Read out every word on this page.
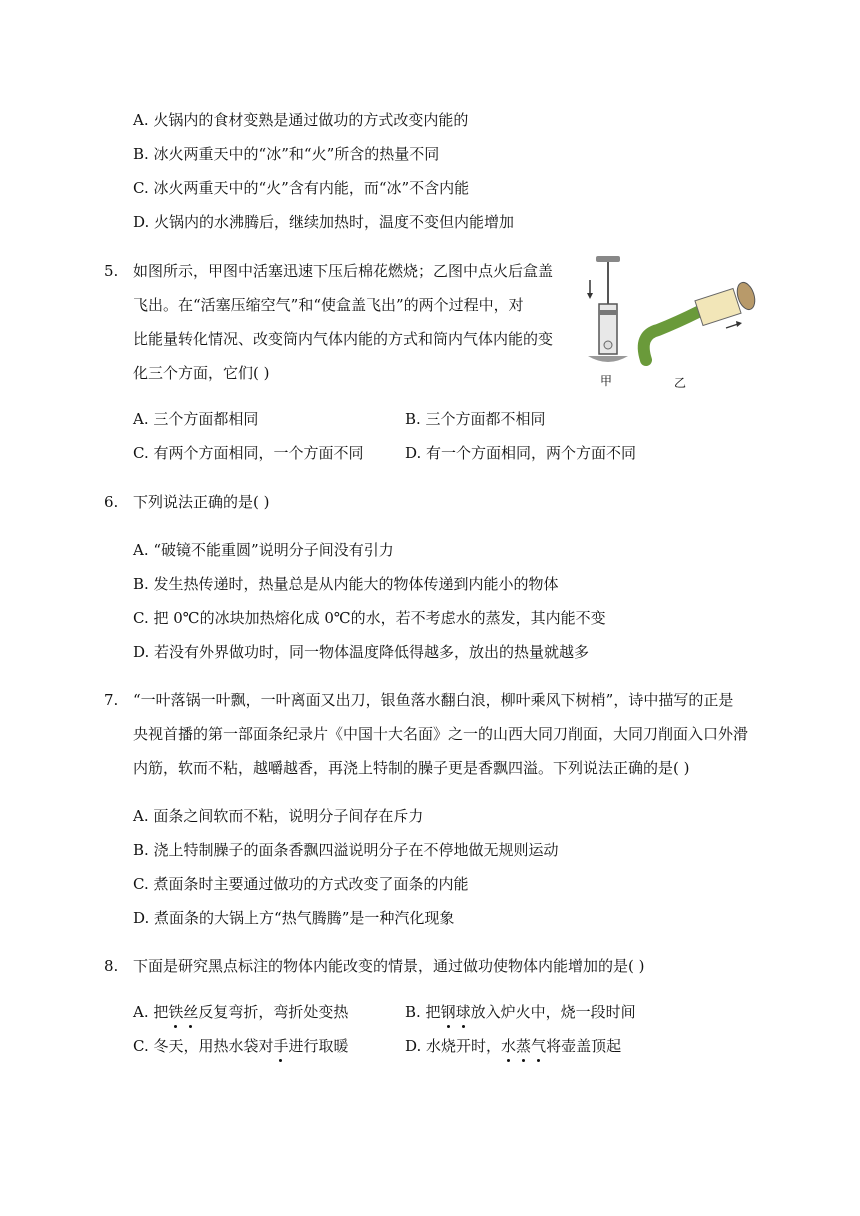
A. 火锅内的食材变熟是通过做功的方式改变内能的
B. 冰火两重天中的“冰”和“火”所含的热量不同
C. 冰火两重天中的“火”含有内能，而“冰”不含内能
D. 火锅内的水沸腾后，继续加热时，温度不变但内能增加
5. 如图所示，甲图中活塞迅速下压后棉花燃烧；乙图中点火后盒盖
飞出。在“活塞压缩空气”和“使盒盖飞出”的两个过程中，对
比能量转化情况、改变筒内气体内能的方式和筒内气体内能的变
化三个方面，它们( )	甲	乙
A. 三个方面都相同	B. 三个方面都不相同
C. 有两个方面相同，一个方面不同	D. 有一个方面相同，两个方面不同
6. 下列说法正确的是( )
A. “破镜不能重圆”说明分子间没有引力
B. 发生热传递时，热量总是从内能大的物体传递到内能小的物体
C. 把 0℃的冰块加热熔化成 0℃的水，若不考虑水的蒸发，其内能不变
D. 若没有外界做功时，同一物体温度降低得越多，放出的热量就越多
7. “一叶落锅一叶飘，一叶离面又出刀，银鱼落水翻白浪，柳叶乘风下树梢”，诗中描写的正是
央视首播的第一部面条纪录片《中国十大名面》之一的山西大同刀削面，大同刀削面入口外滑
内筋，软而不粘，越嚼越香，再浇上特制的臊子更是香飘四溢。下列说法正确的是( )
A. 面条之间软而不粘，说明分子间存在斥力
B. 浇上特制臊子的面条香飘四溢说明分子在不停地做无规则运动
C. 煮面条时主要通过做功的方式改变了面条的内能
D. 煮面条的大锅上方“热气腾腾”是一种汽化现象
8. 下面是研究黑点标注的物体内能改变的情景，通过做功使物体内能增加的是( )
A. 把铁丝反复弯折，弯折处变热	B. 把钢球放入炉火中，烧一段时间
C. 冬天，用热水袋对手进行取暖	D. 水烧开时，水蒸气将壶盖顶起
